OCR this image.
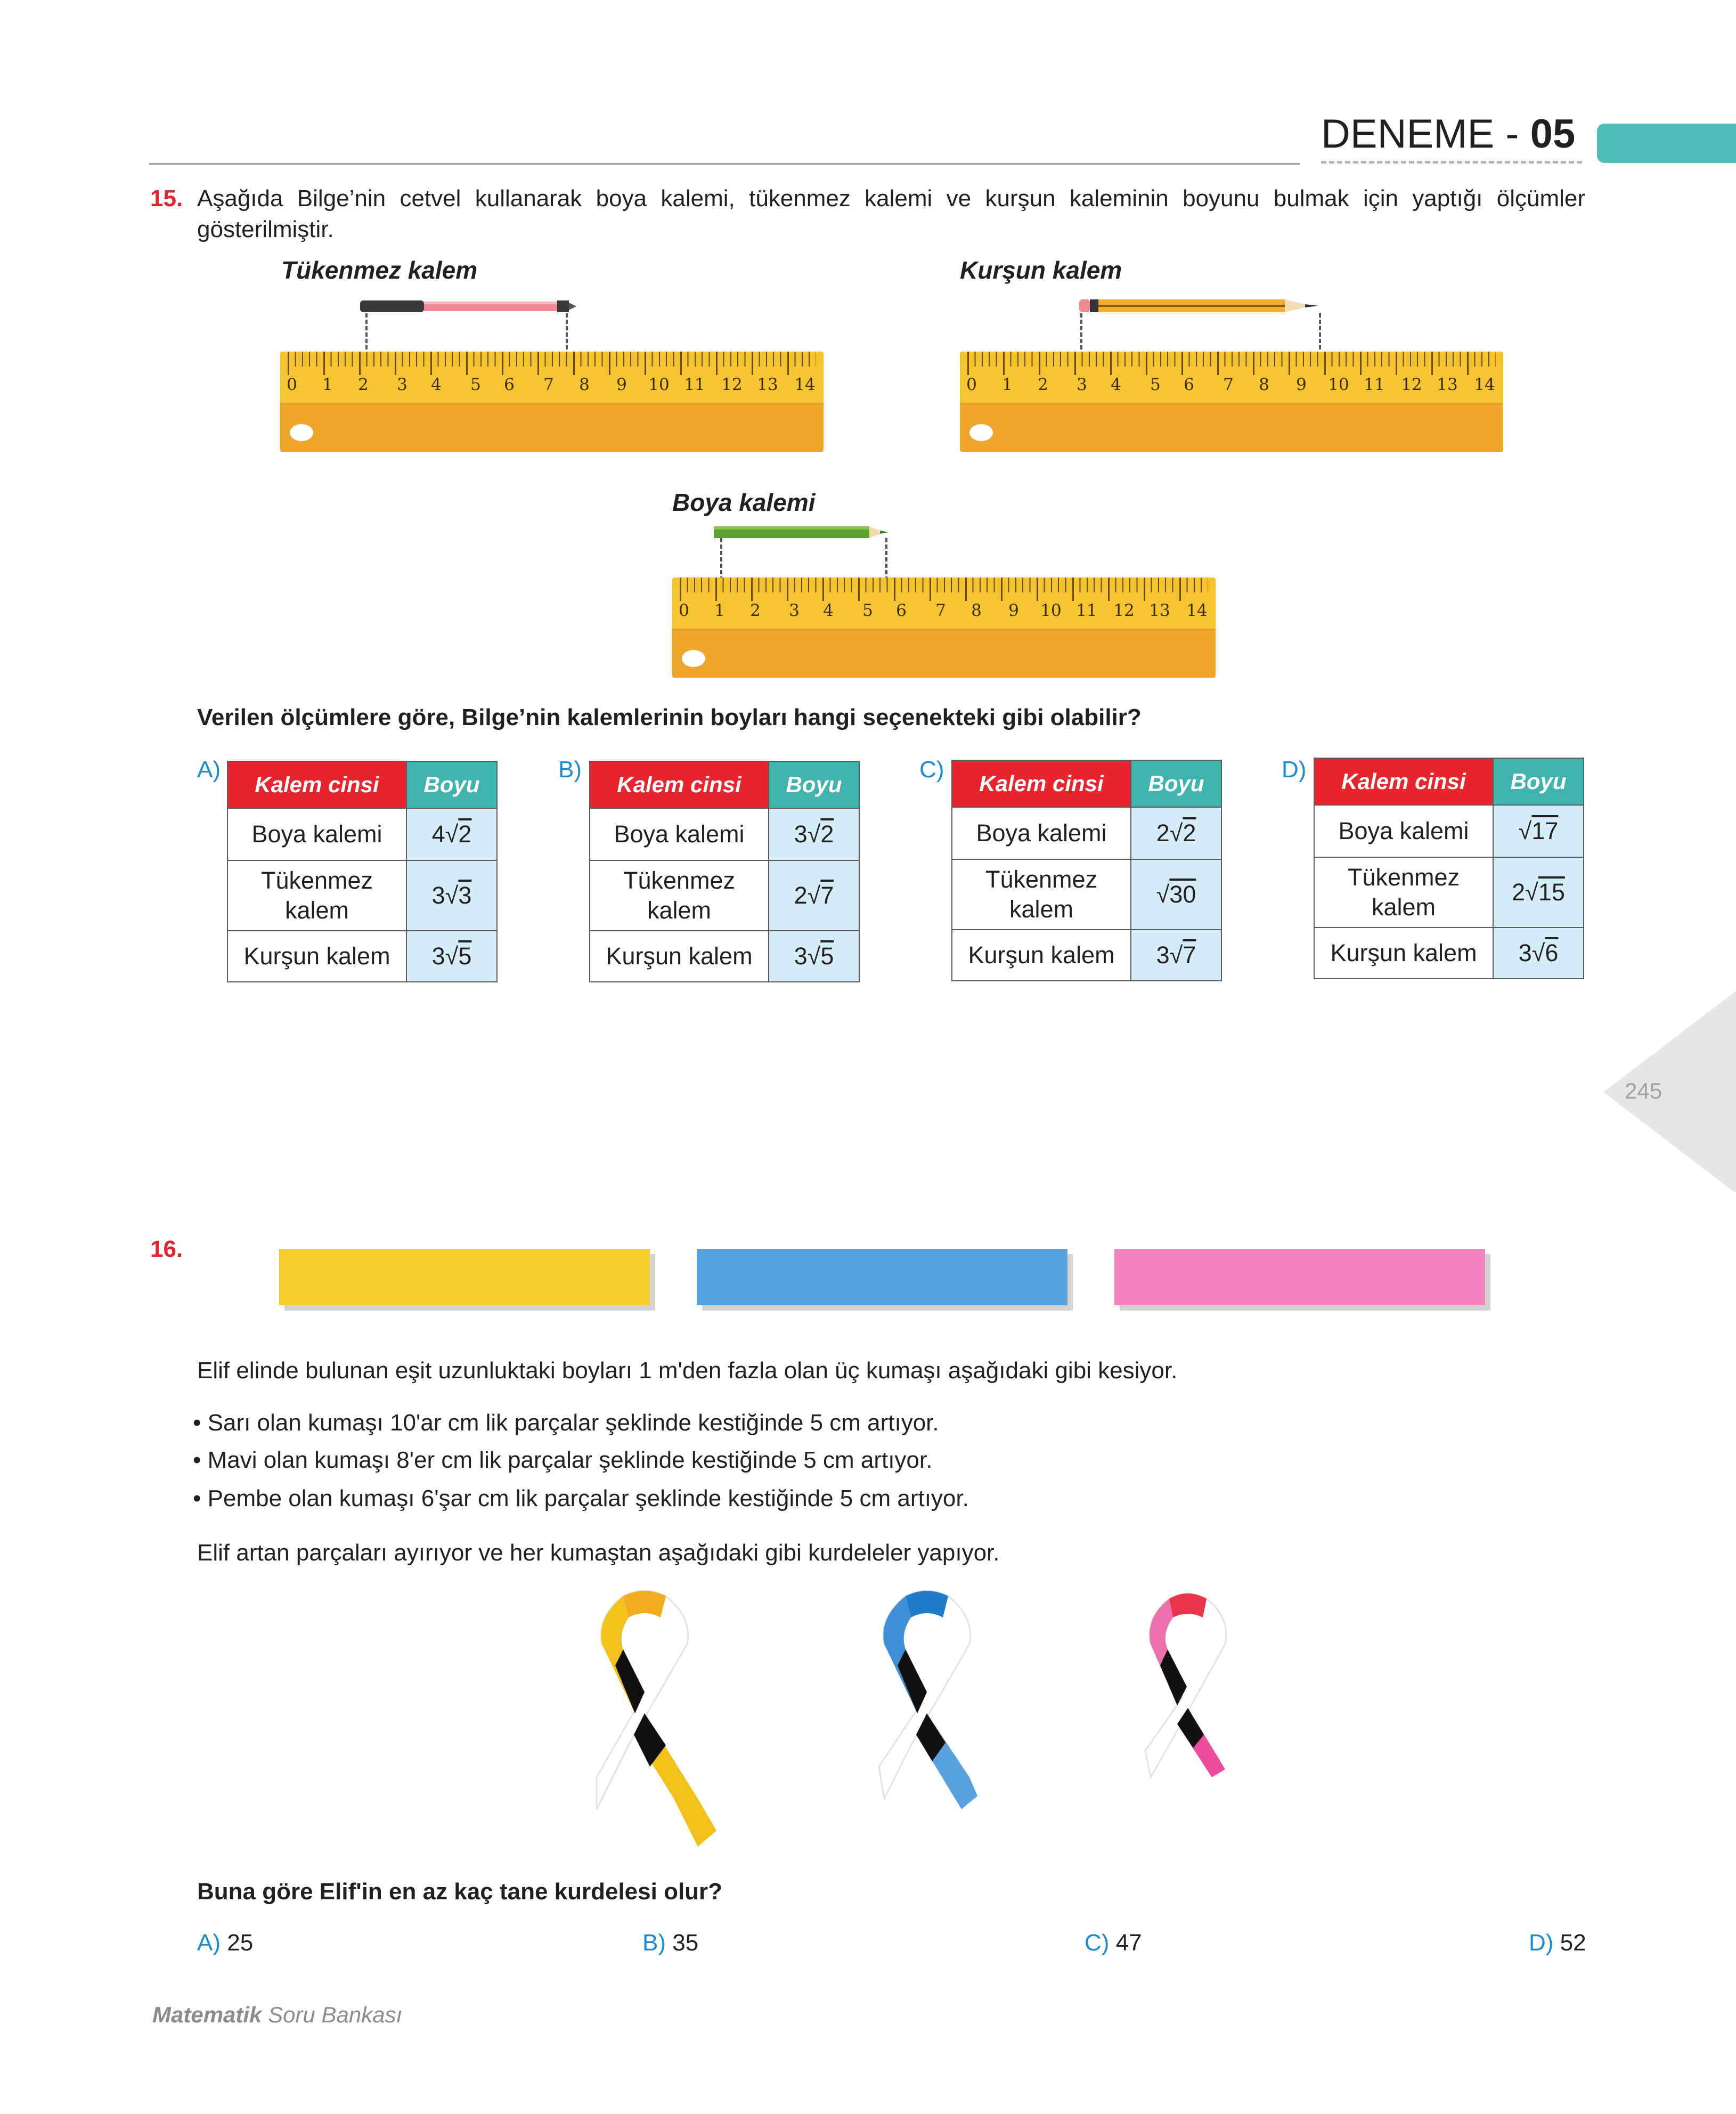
DENEME - 05
15. Aşağıda Bilge’nin cetvel kullanarak boya kalemi, tükenmez kalemi ve kurşun kaleminin boyunu bulmak için yaptığı ölçümler gösterilmiştir.
Tükenmez kalem
0 1 2 3 4 5 6 7 8 9 10 11 12 13 14
Kurşun kalem
0 1 2 3 4 5 6 7 8 9 10 11 12 13 14
Boya kalemi
0 1 2 3 4 5 6 7 8 9 10 11 12 13 14
Verilen ölçümlere göre, Bilge’nin kalemlerinin boyları hangi seçenekteki gibi olabilir?
A)
Kalem cinsi	Boyu
Boya kalemi	4√2
Tükenmez kalem	3√3
Kurşun kalem	3√5
B)
Kalem cinsi	Boyu
Boya kalemi	3√2
Tükenmez kalem	2√7
Kurşun kalem	3√5
C)
Kalem cinsi	Boyu
Boya kalemi	2√2
Tükenmez kalem	√30
Kurşun kalem	3√7
D) Kalem cinsi	Boyu
Boya kalemi	√17
Tükenmez kalem	2√15
Kurşun kalem	3√6
245
16.
Elif elinde bulunan eşit uzunluktaki boyları 1 m'den fazla olan üç kumaşı aşağıdaki gibi kesiyor.
• Sarı olan kumaşı 10'ar cm lik parçalar şeklinde kestiğinde 5 cm artıyor.
• Mavi olan kumaşı 8'er cm lik parçalar şeklinde kestiğinde 5 cm artıyor.
• Pembe olan kumaşı 6'şar cm lik parçalar şeklinde kestiğinde 5 cm artıyor.
Elif artan parçaları ayırıyor ve her kumaştan aşağıdaki gibi kurdeleler yapıyor.
Buna göre Elif'in en az kaç tane kurdelesi olur?
A) 25	B) 35	C) 47	D) 52
Matematik Soru Bankası
